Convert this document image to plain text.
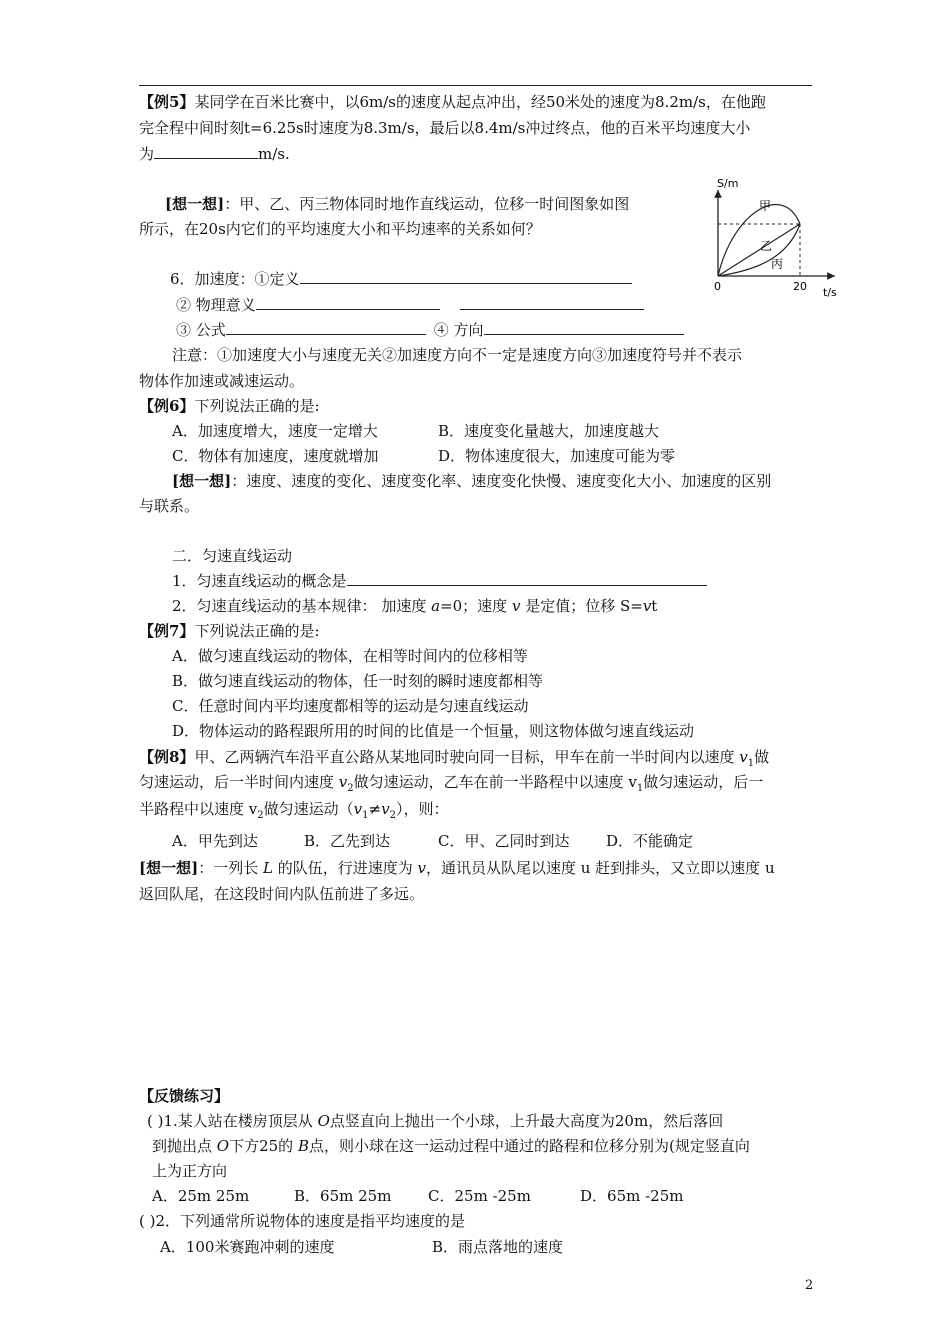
【例5】某同学在百米比赛中，以6m/s的速度从起点冲出，经50米处的速度为8.2m/s，在他跑
完全程中间时刻t=6.25s时速度为8.3m/s，最后以8.4m/s冲过终点，他的百米平均速度大小
为	m/s.
[想一想]：甲、乙、丙三物体同时地作直线运动，位移一时间图象如图
所示，在20s内它们的平均速度大小和平均速率的关系如何？
S/m
t/s
0	20
甲
乙
丙
6．加速度：①定义
② 物理意义
③ 公式	④ 方向
注意：①加速度大小与速度无关②加速度方向不一定是速度方向③加速度符号并不表示
物体作加速或减速运动。
【例6】下列说法正确的是:
A．加速度增大，速度一定增大	B．速度变化量越大，加速度越大
C．物体有加速度，速度就增加	D．物体速度很大，加速度可能为零
[想一想]：速度、速度的变化、速度变化率、速度变化快慢、速度变化大小、加速度的区别
与联系。
二．匀速直线运动
1．匀速直线运动的概念是
2．匀速直线运动的基本规律： 加速度 a=0；速度 v 是定值；位移 S=vt
【例7】下列说法正确的是:
A．做匀速直线运动的物体，在相等时间内的位移相等
B．做匀速直线运动的物体，任一时刻的瞬时速度都相等
C．任意时间内平均速度都相等的运动是匀速直线运动
D．物体运动的路程跟所用的时间的比值是一个恒量，则这物体做匀速直线运动
【例8】甲、乙两辆汽车沿平直公路从某地同时驶向同一目标，甲车在前一半时间内以速度 $v_1$做
匀速运动，后一半时间内速度 $v_2$做匀速运动，乙车在前一半路程中以速度 $v_1$做匀速运动，后一
半路程中以速度 $v_2$做匀速运动$(v_1\ne v_2)$，则：
A．甲先到达	B．乙先到达	C．甲、乙同时到达 D．不能确定
[想一想]：一列长 L 的队伍，行进速度为 v，通讯员从队尾以速度 u 赶到排头，又立即以速度 u
返回队尾，在这段时间内队伍前进了多远。
【反馈练习】
( )1.某人站在楼房顶层从 O点竖直向上抛出一个小球，上升最大高度为20m，然后落回
到抛出点 O下方25的 B点，则小球在这一运动过程中通过的路程和位移分别为(规定竖直向
上为正方向
A．25m 25m	B．65m 25m C．25m -25m	D．65m -25m
( )2．下列通常所说物体的速度是指平均速度的是
A．100米赛跑冲刺的速度	B．雨点落地的速度
2
